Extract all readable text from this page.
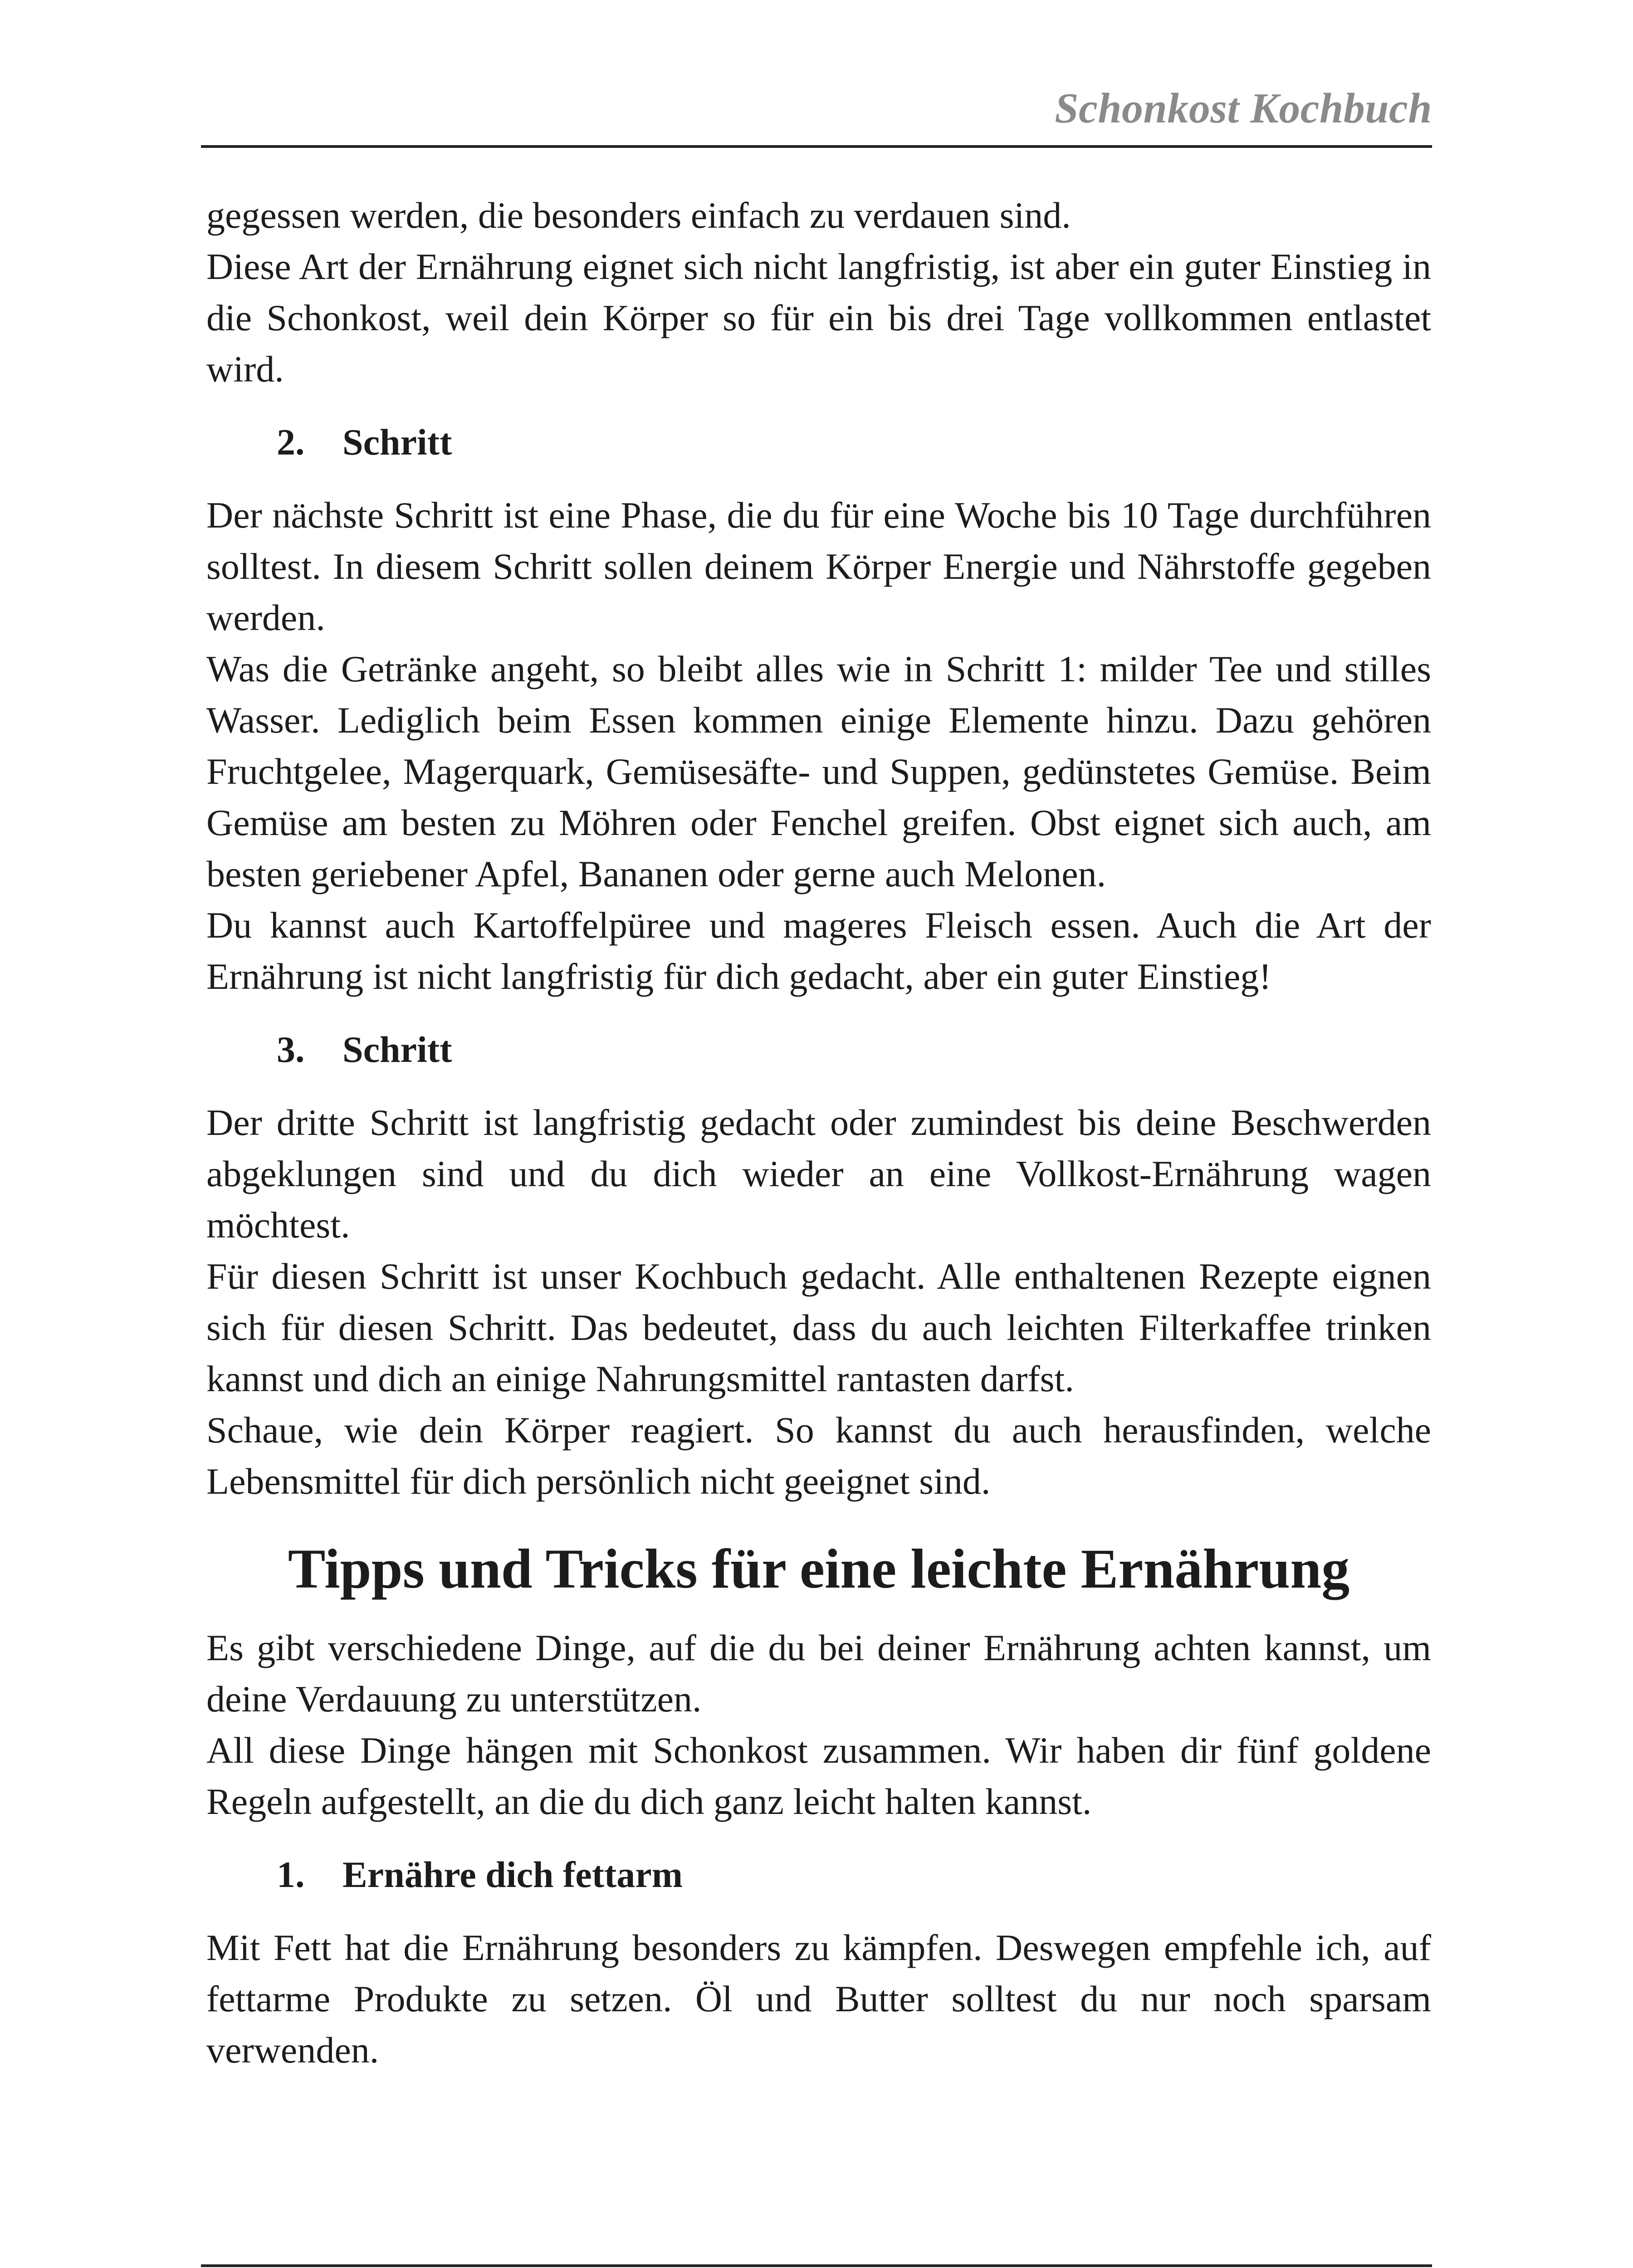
Schonkost Kochbuch

gegessen werden, die besonders einfach zu verdauen sind.

Diese Art der Ernährung eignet sich nicht langfristig, ist aber ein guter Einstieg in die Schonkost, weil dein Körper so für ein bis drei Tage vollkommen entlastet wird.

2. Schritt

Der nächste Schritt ist eine Phase, die du für eine Woche bis 10 Tage durchführen solltest. In diesem Schritt sollen deinem Körper Energie und Nährstoffe gegeben werden.

Was die Getränke angeht, so bleibt alles wie in Schritt 1: milder Tee und stilles Wasser. Lediglich beim Essen kommen einige Elemente hinzu. Dazu gehören Fruchtgelee, Magerquark, Gemüsesäfte- und Suppen, gedünstetes Gemüse. Beim Gemüse am besten zu Möhren oder Fenchel greifen. Obst eignet sich auch, am besten geriebener Apfel, Bananen oder gerne auch Melonen.

Du kannst auch Kartoffelpüree und mageres Fleisch essen. Auch die Art der Ernährung ist nicht langfristig für dich gedacht, aber ein guter Einstieg!

3. Schritt

Der dritte Schritt ist langfristig gedacht oder zumindest bis deine Beschwerden abgeklungen sind und du dich wieder an eine Vollkost-Ernährung wagen möchtest.

Für diesen Schritt ist unser Kochbuch gedacht. Alle enthaltenen Rezepte eignen sich für diesen Schritt. Das bedeutet, dass du auch leichten Filterkaffee trinken kannst und dich an einige Nahrungsmittel rantasten darfst.

Schaue, wie dein Körper reagiert. So kannst du auch herausfinden, welche Lebensmittel für dich persönlich nicht geeignet sind.

Tipps und Tricks für eine leichte Ernährung

Es gibt verschiedene Dinge, auf die du bei deiner Ernährung achten kannst, um deine Verdauung zu unterstützen.

All diese Dinge hängen mit Schonkost zusammen. Wir haben dir fünf goldene Regeln aufgestellt, an die du dich ganz leicht halten kannst.

1. Ernähre dich fettarm

Mit Fett hat die Ernährung besonders zu kämpfen. Deswegen empfehle ich, auf fettarme Produkte zu setzen. Öl und Butter solltest du nur noch sparsam verwenden.
